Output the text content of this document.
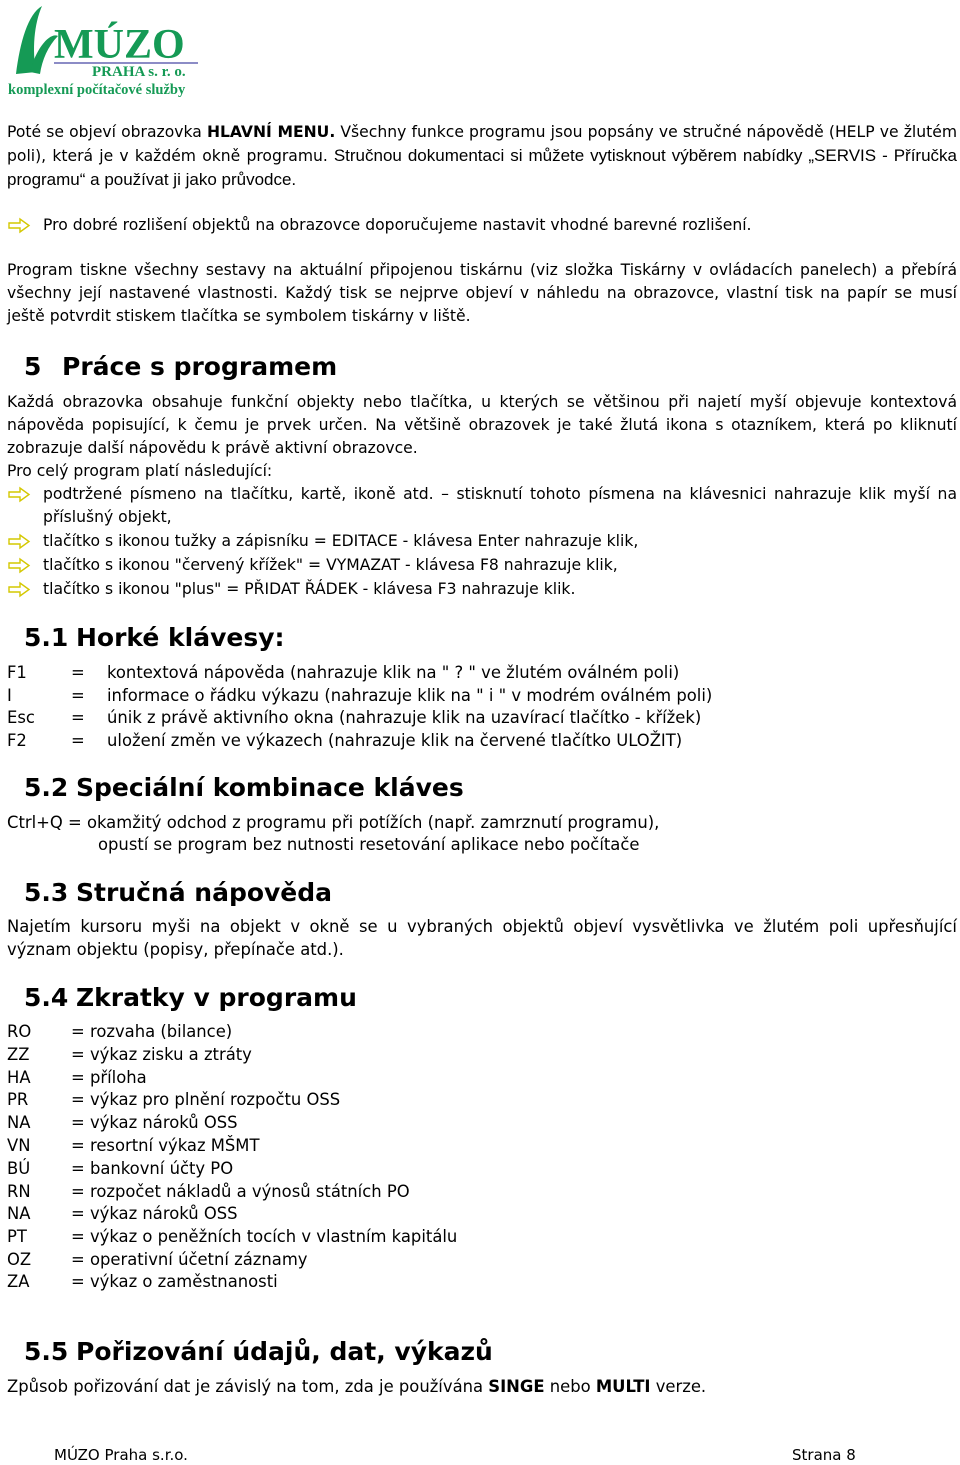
MÚZO
PRAHA s. r. o.
komplexní počítačové služby

Poté se objeví obrazovka HLAVNÍ MENU. Všechny funkce programu jsou popsány ve stručné nápovědě (HELP ve žlutém poli), která je v každém okně programu. Stručnou dokumentaci si můžete vytisknout výběrem nabídky „SERVIS - Příručka programu“ a používat ji jako průvodce.

Pro dobré rozlišení objektů na obrazovce doporučujeme nastavit vhodné barevné rozlišení.

Program tiskne všechny sestavy na aktuální připojenou tiskárnu (viz složka Tiskárny v ovládacích panelech) a přebírá všechny její nastavené vlastnosti. Každý tisk se nejprve objeví v náhledu na obrazovce, vlastní tisk na papír se musí ještě potvrdit stiskem tlačítka se symbolem tiskárny v liště.

5 Práce s programem

Každá obrazovka obsahuje funkční objekty nebo tlačítka, u kterých se většinou při najetí myší objevuje kontextová nápověda popisující, k čemu je prvek určen. Na většině obrazovek je také žlutá ikona s otazníkem, která po kliknutí zobrazuje další nápovědu k právě aktivní obrazovce.

Pro celý program platí následující:

podtržené písmeno na tlačítku, kartě, ikoně atd. – stisknutí tohoto písmena na klávesnici nahrazuje klik myší na příslušný objekt,
tlačítko s ikonou tužky a zápisníku = EDITACE - klávesa Enter nahrazuje klik,
tlačítko s ikonou "červený křížek" = VYMAZAT - klávesa F8 nahrazuje klik,
tlačítko s ikonou "plus" = PŘIDAT ŘÁDEK - klávesa F3 nahrazuje klik.
5.1 Horké klávesy:
F1	= kontextová nápověda (nahrazuje klik na " ? " ve žlutém oválném poli)
I	= informace o řádku výkazu (nahrazuje klik na " i " v modrém oválném poli)
Esc = únik z právě aktivního okna (nahrazuje klik na uzavírací tlačítko - křížek)
F2	= uložení změn ve výkazech (nahrazuje klik na červené tlačítko ULOŽIT)
5.2 Speciální kombinace kláves
Ctrl+Q = okamžitý odchod z programu při potížích (např. zamrznutí programu),
opustí se program bez nutnosti resetování aplikace nebo počítače
5.3 Stručná nápověda

Najetím kursoru myši na objekt v okně se u vybraných objektů objeví vysvětlivka ve žlutém poli upřesňující význam objektu (popisy, přepínače atd.).

5.4 Zkratky v programu
RO = rozvaha (bilance)
ZZ	= výkaz zisku a ztráty
HA = příloha
PR	= výkaz pro plnění rozpočtu OSS
NA = výkaz nároků OSS
VN = resortní výkaz MŠMT
BÚ = bankovní účty PO
RN = rozpočet nákladů a výnosů státních PO
NA = výkaz nároků OSS
PT	= výkaz o peněžních tocích v vlastním kapitálu
OZ = operativní účetní záznamy
ZA	= výkaz o zaměstnanosti
5.5 Pořizování údajů, dat, výkazů
Způsob pořizování dat je závislý na tom, zda je používána SINGE nebo MULTI verze.
MÚZO Praha s.r.o.	Strana 8
